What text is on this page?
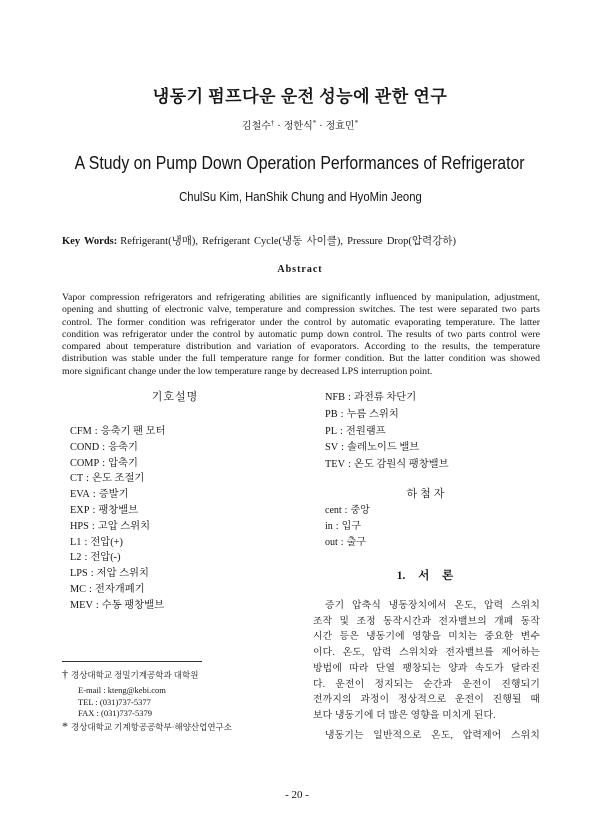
냉동기 펌프다운 운전 성능에 관한 연구
김철수† · 정한식* · 정효민*
A Study on Pump Down Operation Performances of Refrigerator
ChulSu Kim, HanShik Chung and HyoMin Jeong
Key Words: Refrigerant(냉매), Refrigerant Cycle(냉동 사이클), Pressure Drop(압력강하)
Abstract
Vapor compression refrigerators and refrigerating abilities are significantly influenced by manipulation, adjustment,
opening and shutting of electronic valve, temperature and compression switches. The test were separated two parts
control. The former condition was refrigerator under the control by automatic evaporating temperature. The latter
condition was refrigerator under the control by automatic pump down control. The results of two parts control were
compared about temperature distribution and variation of evaporators. According to the results, the temperature
distribution was stable under the full temperature range for former condition. But the latter condition was showed
more significant change under the low temperature range by decreased LPS interruption point.
기호설명
CFM : 응축기 팬 모터
COND : 응축기
COMP : 압축기
CT : 온도 조절기
EVA : 증발기
EXP : 팽창밸브
HPS : 고압 스위치
L1 : 전압(+)
L2 : 전압(-)
LPS : 저압 스위치
MC : 전자개폐기
MEV : 수동 팽창밸브
NFB : 과전류 차단기
PB : 누름 스위치
PL : 전원램프
SV : 솔레노이드 밸브
TEV : 온도 감원식 팽창밸브
하첨자
cent : 중앙
in : 입구
out : 출구
1. 서 론
증기 압축식 냉동장치에서 온도, 압력 스위치
조작 및 조정 동작시간과 전자밸브의 개폐 동작
시간 등은 냉동기에 영향을 미치는 중요한 변수
이다. 온도, 압력 스위치와 전자밸브를 제어하는
방법에 따라 단열 팽창되는 양과 속도가 달라진
다. 운전이 정지되는 순간과 운전이 진행되기
전까지의 과정이 정상적으로 운전이 진행될 때
보다 냉동기에 더 많은 영향을 미치게 된다.
냉동기는 일반적으로 온도, 압력제어 스위치
† 경상대학교 정밀기계공학과 대학원
E-mail : kteng@kebi.com
TEL : (031)737-5377
FAX : (031)737-5379
* 경상대학교 기계항공공학부·해양산업연구소
- 20 -
